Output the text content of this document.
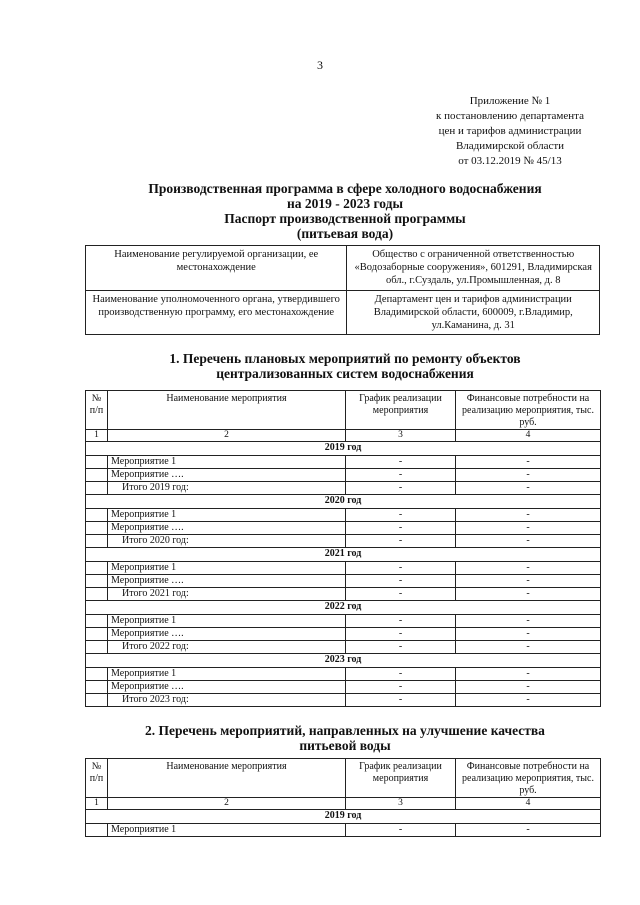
3
Приложение № 1
к постановлению департамента
цен и тарифов администрации
Владимирской области
от 03.12.2019 № 45/13
Производственная программа в сфере холодного водоснабжения
на 2019 - 2023 годы
Паспорт производственной программы
(питьевая вода)
Наименование регулируемой организации, ее местонахождение	Общество с ограниченной ответственностью «Водозаборные сооружения», 601291, Владимирская обл., г.Суздаль, ул.Промышленная, д. 8
Наименование уполномоченного органа, утвердившего производственную программу, его местонахождение	Департамент цен и тарифов администрации Владимирской области, 600009, г.Владимир, ул.Каманина, д. 31
1. Перечень плановых мероприятий по ремонту объектов
централизованных систем водоснабжения
№ п/п	Наименование мероприятия	График реализации мероприятия	Финансовые потребности на реализацию мероприятия, тыс. руб.
1	2	3	4
2019 год			
	Мероприятие 1	-	-
	Мероприятие ….	-	-
	Итого 2019 год:	-	-
2020 год			
	Мероприятие 1	-	-
	Мероприятие ….	-	-
	Итого 2020 год:	-	-
2021 год			
	Мероприятие 1	-	-
	Мероприятие ….	-	-
	Итого 2021 год:	-	-
2022 год			
	Мероприятие 1	-	-
	Мероприятие ….	-	-
	Итого 2022 год:	-	-
2023 год			
	Мероприятие 1	-	-
	Мероприятие ….	-	-
	Итого 2023 год:	-	-
2. Перечень мероприятий, направленных на улучшение качества
питьевой воды
№ п/п	Наименование мероприятия	График реализации мероприятия	Финансовые потребности на реализацию мероприятия, тыс. руб.
1	2	3	4
2019 год			
	Мероприятие 1	-	-
